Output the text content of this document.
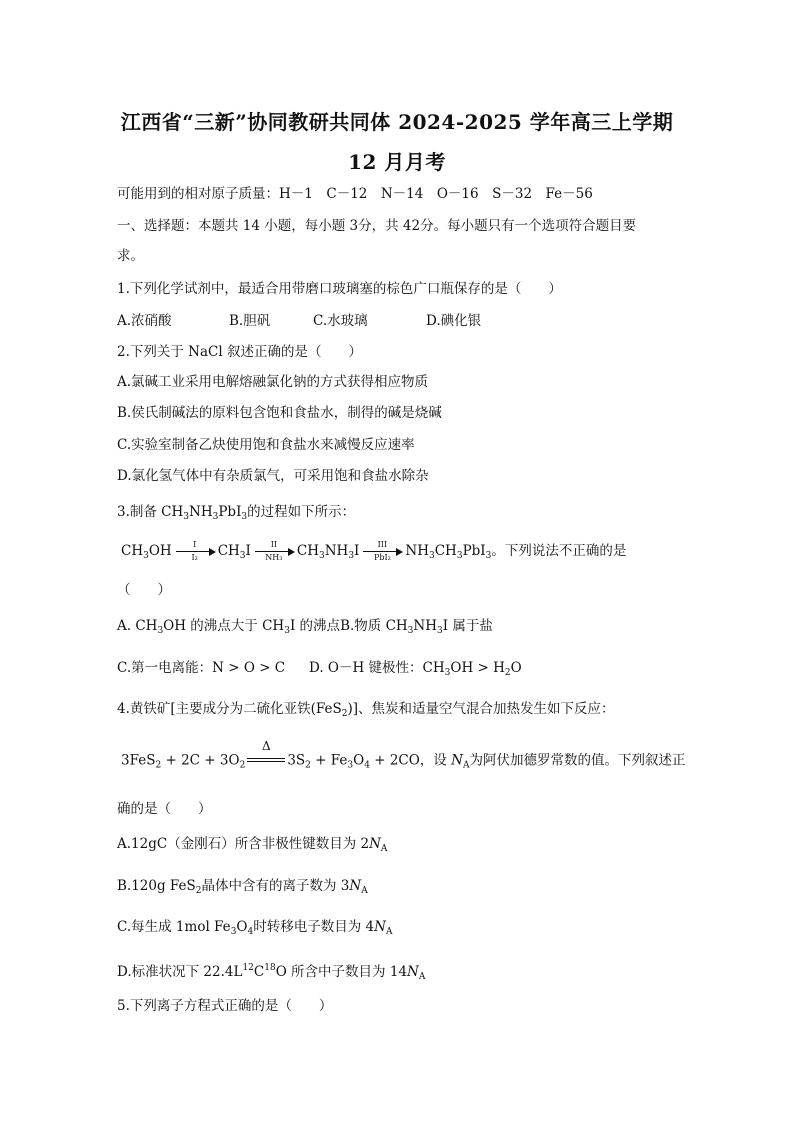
江西省“三新”协同教研共同体 2024-2025 学年高三上学期
12 月月考
可能用到的相对原子质量：H－1　C－12　N－14　O－16　S－32　Fe－56
一、选择题：本题共 14 小题，每小题 3分，共 42分。每小题只有一个选项符合题目要
求。
1.下列化学试剂中，最适合用带磨口玻璃塞的棕色广口瓶保存的是（　　）
A.浓硝酸	B.胆矾	C.水玻璃	D.碘化银
2.下列关于 NaCl 叙述正确的是（　　）
A.氯碱工业采用电解熔融氯化钠的方式获得相应物质
B.侯氏制碱法的原料包含饱和食盐水，制得的碱是烧碱
C.实验室制备乙炔使用饱和食盐水来减慢反应速率
D.氯化氢气体中有杂质氯气，可采用饱和食盐水除杂
3.制备 $CH_3NH_3PbI_3$的过程如下所示：
$CH_3OH \frac{I}{\text{I₂}} CH_3I \frac{II}{\text{NH₃}} CH_3NH_3I$	III
PbI₂	$NH_3CH_3PbI_3$。下列说法不正确的是
（　　）
A. $CH_3OH$ 的沸点大于 $CH_3I$ 的沸点B.物质 $CH_3NH_3I$ 属于盐
C.第一电离能：N > O > C D. O－H 键极性：$CH_3OH > H_2O$
4.黄铁矿[主要成分为二硫化亚铁(FeS$_2$)]、焦炭和适量空气混合加热发生如下反应：
$3FeS_2 + 2C + 3O_2$
Δ
$3S_2 + Fe_3O_4 + 2CO$，设 $N_A$为阿伏加德罗常数的值。下列叙述正
确的是（　　）
A.12gC（金刚石）所含非极性键数目为 $2N_A$
B.120g FeS$_2$晶体中含有的离子数为 $3N_A$
C.每生成 1mol $Fe_3O_4$时转移电子数目为 $4N_A$
D.标准状况下 $22.4L^{12}C^{18}O$ 所含中子数目为 $14N_A$
5.下列离子方程式正确的是（　　）
